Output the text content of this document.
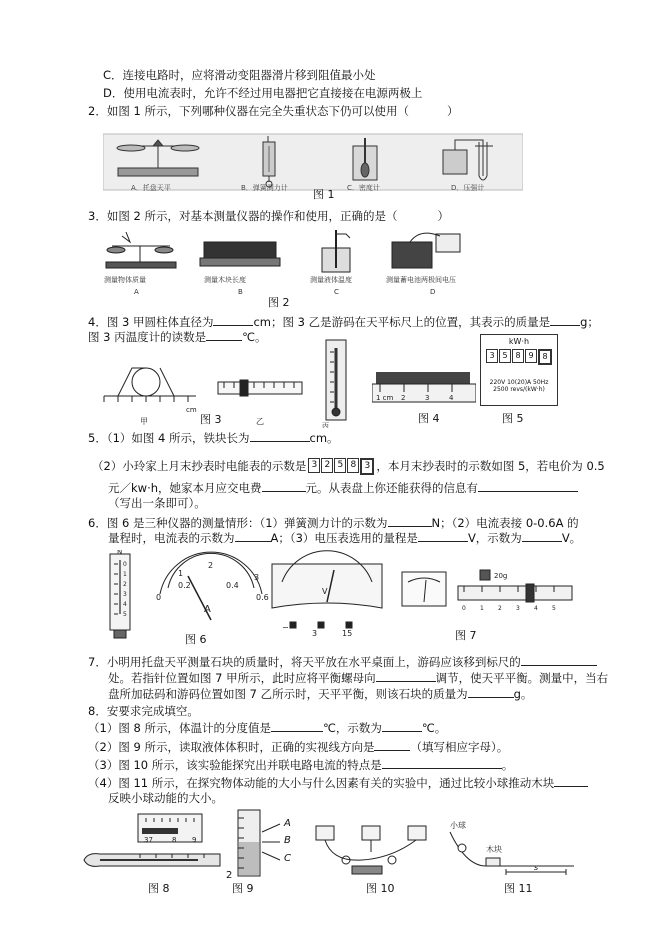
C．连接电路时，应将滑动变阻器滑片移到阻值最小处
D．使用电流表时，允许不经过用电器把它直接接在电源两极上
2．如图 1 所示，下列哪种仪器在完全失重状态下仍可以使用（	）
A．托盘天平	B．弹簧测力计	C．密度计	D．压强计
图 1
3．如图 2 所示，对基本测量仪器的操作和使用，正确的是（	）
测量物体质量	测量木块长度	测量液体温度	测量蓄电池两极间电压
A	B	C	D
图 2
4．图 3 甲圆柱体直径为	cm；图 3 乙是游码在天平标尺上的位置，其表示的质量是	g；
图 3 丙温度计的读数是	℃。
cm
甲	乙	丙
图 3
1 cm 2	3	4
图 4
kW·h
3 5 8 9	8
220V 10(20)A 50Hz
2500 revs/(kW·h)
图 5
5．（1）如图 4 所示，铁块长为	cm。
（2）小玲家上月末抄表时电能表的示数是 3 2 5 8 3 ，本月末抄表时的示数如图 5，若电价为 0.5
元／kw·h，她家本月应交电费	元。从表盘上你还能获得的信息有
（写出一条即可）。
6．图 6 是三种仪器的测量情形：（1）弹簧测力计的示数为	N；（2）电流表接 0-0.6A 的
量程时，电流表的示数为	A；（3）电压表选用的量程是	V，示数为	V。
N
0
1
2
3
4
5
1
2
3
0
0.2	0.4
0.6
A
V
−
3	15
图 6
20g
0 1 2 3 4 5
图 7
7．小明用托盘天平测量石块的质量时，将天平放在水平桌面上，游码应该移到标尺的
处。若指针位置如图 7 甲所示，此时应将平衡螺母向	调节，使天平平衡。测量中，当右
盘所加砝码和游码位置如图 7 乙所示时，天平平衡，则该石块的质量为	g。
8．安要求完成填空。
（1）图 8 所示，体温计的分度值是	℃，示数为	℃。
（2）图 9 所示，读取液体体积时，正确的实视线方向是	（填写相应字母）。
（3）图 10 所示，该实验能探究出并联电路电流的特点是	。
（4）图 11 所示，在探究物体动能的大小与什么因素有关的实验中，通过比较小球推动木块
反映小球动能的大小。
37	8 9
图 8
A
B
C
2
图 9	图 10
小球
木块
s
图 11
